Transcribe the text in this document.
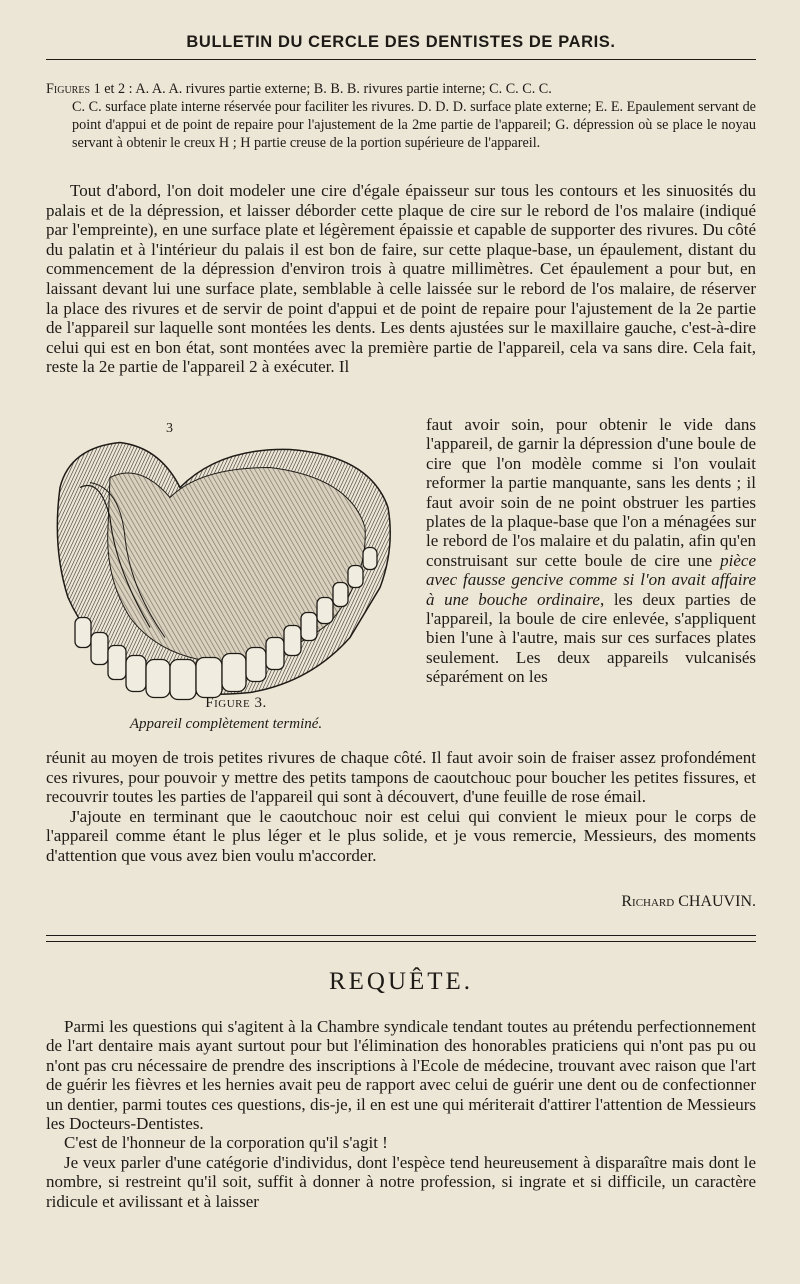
BULLETIN DU CERCLE DES DENTISTES DE PARIS.
Figures 1 et 2 : A. A. A. rivures partie externe; B. B. B. rivures partie interne; C. C. C. C.
C. C. surface plate interne réservée pour faciliter les rivures. D. D. D. surface plate externe; E. E. Epaulement servant de point d'appui et de point de repaire pour l'ajustement de la 2me partie de l'appareil; G. dépression où se place le noyau servant à obtenir le creux H ; H partie creuse de la portion supérieure de l'appareil.

Tout d'abord, l'on doit modeler une cire d'égale épaisseur sur tous les contours et les sinuosités du palais et de la dépression, et laisser déborder cette plaque de cire sur le rebord de l'os malaire (indiqué par l'empreinte), en une surface plate et légèrement épaissie et capable de supporter des rivures. Du côté du palatin et à l'intérieur du palais il est bon de faire, sur cette plaque-base, un épaulement, distant du commencement de la dépression d'environ trois à quatre millimètres. Cet épaulement a pour but, en laissant devant lui une surface plate, semblable à celle laissée sur le rebord de l'os malaire, de réserver la place des rivures et de servir de point d'appui et de point de repaire pour l'ajustement de la 2e partie de l'appareil sur laquelle sont montées les dents. Les dents ajustées sur le maxillaire gauche, c'est-à-dire celui qui est en bon état, sont montées avec la première partie de l'appareil, cela va sans dire. Cela fait, reste la 2e partie de l'appareil 2 à exécuter. Il

faut avoir soin, pour obtenir le vide dans l'appareil, de garnir la dépression d'une boule de cire que l'on modèle comme si l'on voulait reformer la partie manquante, sans les dents ; il faut avoir soin de ne point obstruer les parties plates de la plaque-base que l'on a ménagées sur le rebord de l'os malaire et du palatin, afin qu'en construisant sur cette boule de cire une pièce avec fausse gencive comme si l'on avait affaire à une bouche ordinaire, les deux parties de l'appareil, la boule de cire enlevée, s'appliquent bien l'une à l'autre, mais sur ces surfaces plates seulement. Les deux appareils vulcanisés séparément on les
3
Figure 3.
Appareil complètement terminé.

réunit au moyen de trois petites rivures de chaque côté. Il faut avoir soin de fraiser assez profondément ces rivures, pour pouvoir y mettre des petits tampons de caoutchouc pour boucher les petites fissures, et recouvrir toutes les parties de l'appareil qui sont à découvert, d'une feuille de rose émail.

J'ajoute en terminant que le caoutchouc noir est celui qui convient le mieux pour le corps de l'appareil comme étant le plus léger et le plus solide, et je vous remercie, Messieurs, des moments d'attention que vous avez bien voulu m'accorder.

Richard CHAUVIN.
REQUÊTE.

Parmi les questions qui s'agitent à la Chambre syndicale tendant toutes au prétendu perfectionnement de l'art dentaire mais ayant surtout pour but l'élimination des honorables praticiens qui n'ont pas pu ou n'ont pas cru nécessaire de prendre des inscriptions à l'Ecole de médecine, trouvant avec raison que l'art de guérir les fièvres et les hernies avait peu de rapport avec celui de guérir une dent ou de confectionner un dentier, parmi toutes ces questions, dis-je, il en est une qui mériterait d'attirer l'attention de Messieurs les Docteurs-Dentistes.

C'est de l'honneur de la corporation qu'il s'agit !

Je veux parler d'une catégorie d'individus, dont l'espèce tend heureusement à disparaître mais dont le nombre, si restreint qu'il soit, suffit à donner à notre profession, si ingrate et si difficile, un caractère ridicule et avilissant et à laisser
